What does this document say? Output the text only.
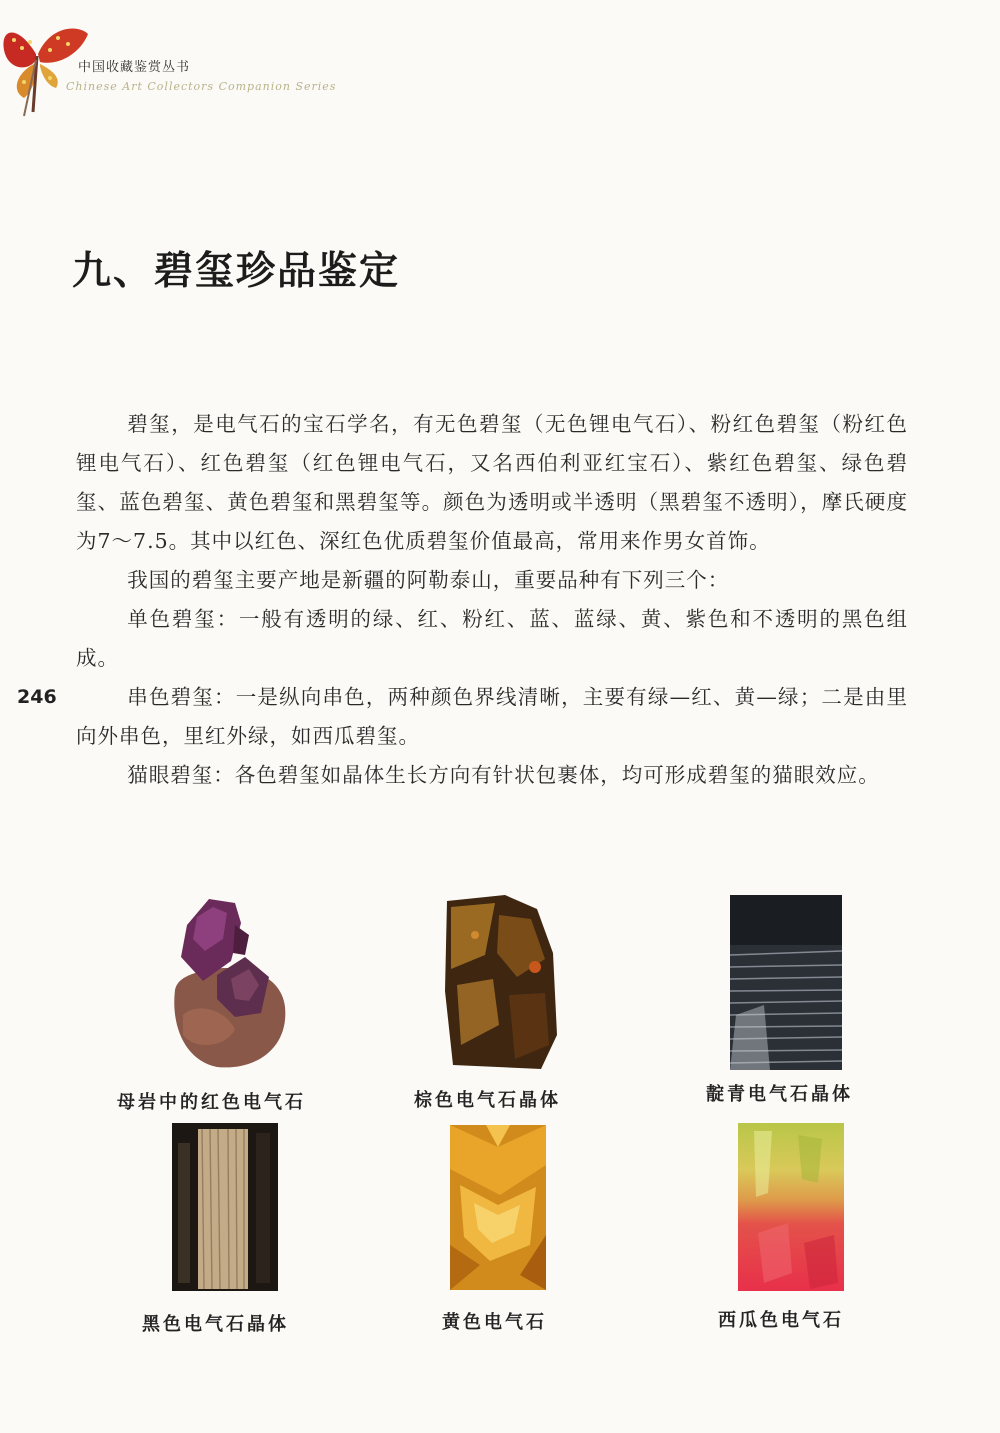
中国收藏鉴赏丛书
Chinese Art Collectors Companion Series
九、碧玺珍品鉴定

碧玺，是电气石的宝石学名，有无色碧玺（无色锂电气石）、粉红色碧玺（粉红色锂电气石）、红色碧玺（红色锂电气石，又名西伯利亚红宝石）、紫红色碧玺、绿色碧玺、蓝色碧玺、黄色碧玺和黑碧玺等。颜色为透明或半透明（黑碧玺不透明），摩氏硬度为7～7.5。其中以红色、深红色优质碧玺价值最高，常用来作男女首饰。

我国的碧玺主要产地是新疆的阿勒泰山，重要品种有下列三个：

单色碧玺：一般有透明的绿、红、粉红、蓝、蓝绿、黄、紫色和不透明的黑色组成。

串色碧玺：一是纵向串色，两种颜色界线清晰，主要有绿—红、黄—绿；二是由里向外串色，里红外绿，如西瓜碧玺。

猫眼碧玺：各色碧玺如晶体生长方向有针状包裹体，均可形成碧玺的猫眼效应。

246
母岩中的红色电气石	棕色电气石晶体	靛青电气石晶体
黑色电气石晶体	黄色电气石	西瓜色电气石
